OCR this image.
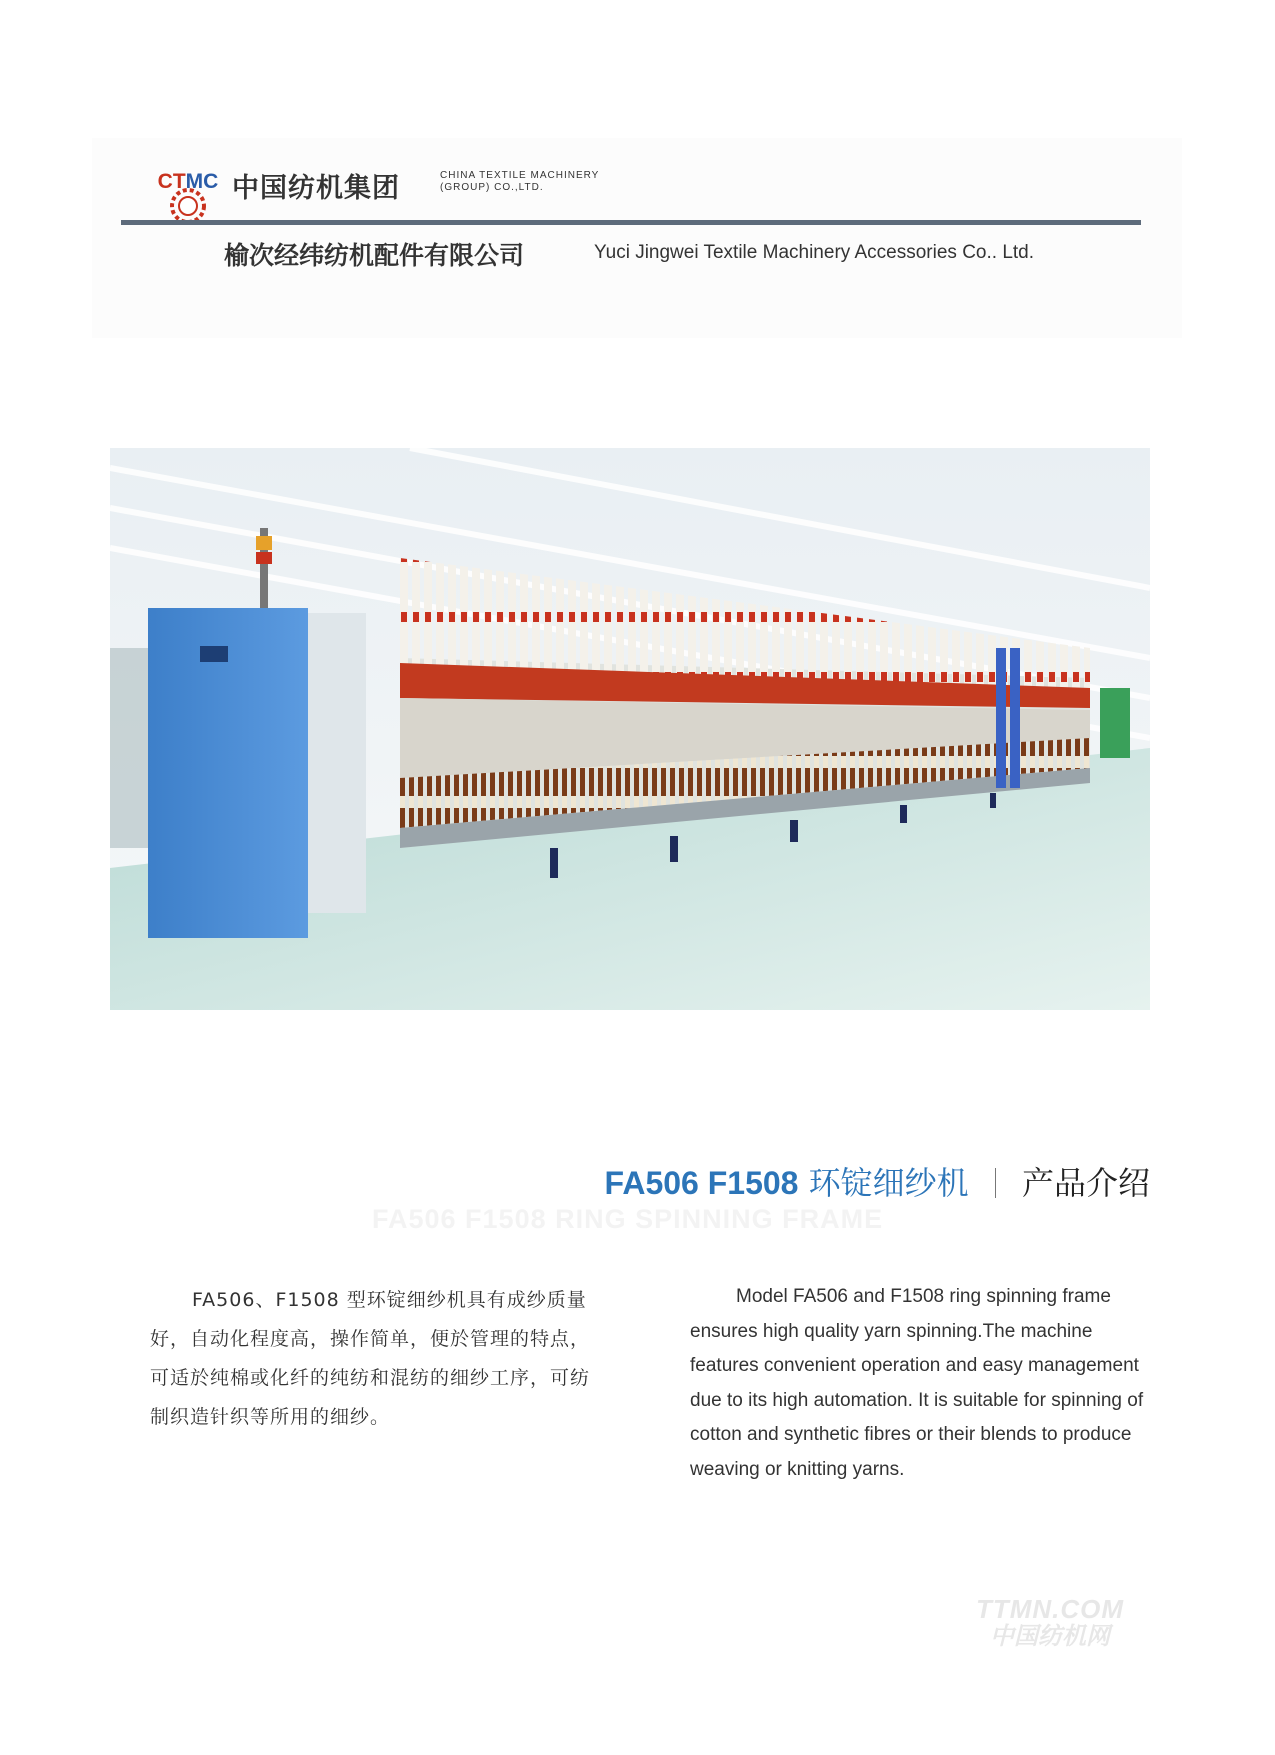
CTMC 中国纺机集团	CHINA TEXTILE MACHINERY
(GROUP) CO.,LTD.
榆次经纬纺机配件有限公司	Yuci Jingwei Textile Machinery Accessories Co.. Ltd.
FA506 F1508 环锭细纱机 产品介绍
FA506 F1508 RING SPINNING FRAME
FA506、F1508 型环锭细纱机具有成纱质量好，自动化程度高，操作简单，便於管理的特点，可适於纯棉或化纤的纯纺和混纺的细纱工序，可纺制织造针织等所用的细纱。
Model FA506 and F1508 ring spinning frame ensures high quality yarn spinning.The machine features convenient operation and easy management due to its high automation. It is suitable for spinning of cotton and synthetic fibres or their blends to produce weaving or knitting yarns.
TTMN.COM
中国纺机网
